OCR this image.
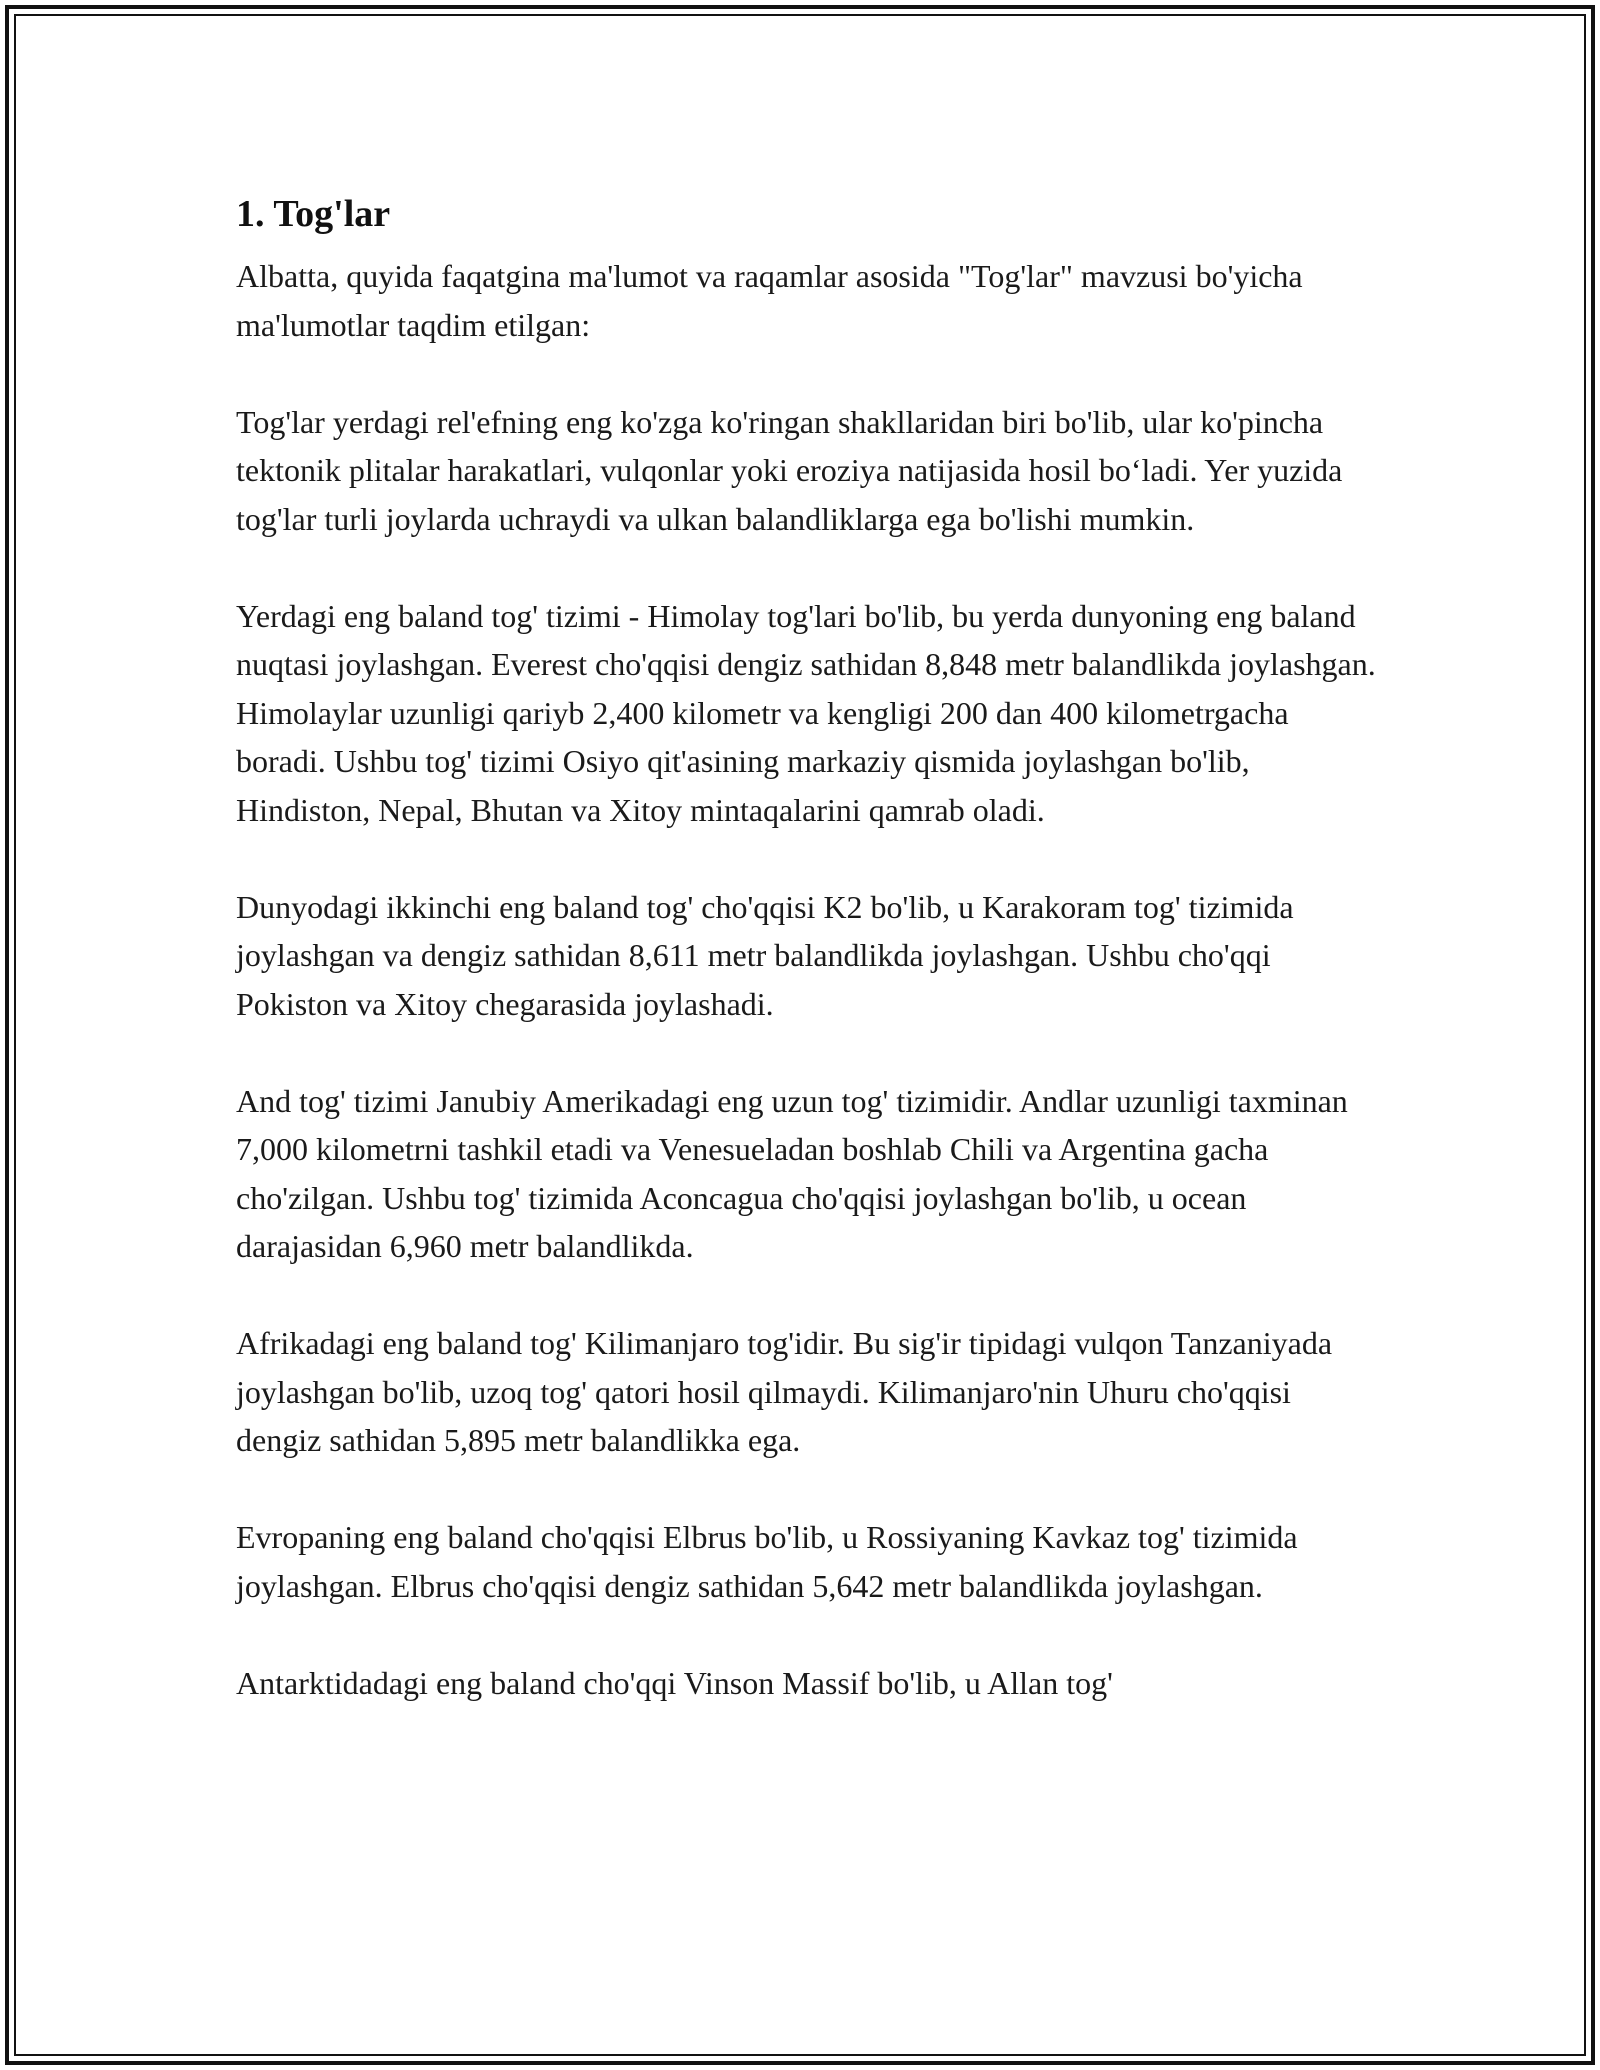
1. Tog'lar

Albatta, quyida faqatgina ma'lumot va raqamlar asosida "Tog'lar" mavzusi bo'yicha ma'lumotlar taqdim etilgan:

Tog'lar yerdagi rel'efning eng ko'zga ko'ringan shakllaridan biri bo'lib, ular ko'pincha tektonik plitalar harakatlari, vulqonlar yoki eroziya natijasida hosil bo‘ladi. Yer yuzida tog'lar turli joylarda uchraydi va ulkan balandliklarga ega bo'lishi mumkin.

Yerdagi eng baland tog' tizimi - Himolay tog'lari bo'lib, bu yerda dunyoning eng baland nuqtasi joylashgan. Everest cho'qqisi dengiz sathidan 8,848 metr balandlikda joylashgan. Himolaylar uzunligi qariyb 2,400 kilometr va kengligi 200 dan 400 kilometrgacha boradi. Ushbu tog' tizimi Osiyo qit'asining markaziy qismida joylashgan bo'lib, Hindiston, Nepal, Bhutan va Xitoy mintaqalarini qamrab oladi.

Dunyodagi ikkinchi eng baland tog' cho'qqisi K2 bo'lib, u Karakoram tog' tizimida joylashgan va dengiz sathidan 8,611 metr balandlikda joylashgan. Ushbu cho'qqi Pokiston va Xitoy chegarasida joylashadi.

And tog' tizimi Janubiy Amerikadagi eng uzun tog' tizimidir. Andlar uzunligi taxminan 7,000 kilometrni tashkil etadi va Venesueladan boshlab Chili va Argentina gacha cho'zilgan. Ushbu tog' tizimida Aconcagua cho'qqisi joylashgan bo'lib, u ocean darajasidan 6,960 metr balandlikda.

Afrikadagi eng baland tog' Kilimanjaro tog'idir. Bu sig'ir tipidagi vulqon Tanzaniyada joylashgan bo'lib, uzoq tog' qatori hosil qilmaydi. Kilimanjaro'nin Uhuru cho'qqisi dengiz sathidan 5,895 metr balandlikka ega.

Evropaning eng baland cho'qqisi Elbrus bo'lib, u Rossiyaning Kavkaz tog' tizimida joylashgan. Elbrus cho'qqisi dengiz sathidan 5,642 metr balandlikda joylashgan.

Antarktidadagi eng baland cho'qqi Vinson Massif bo'lib, u Allan tog'
